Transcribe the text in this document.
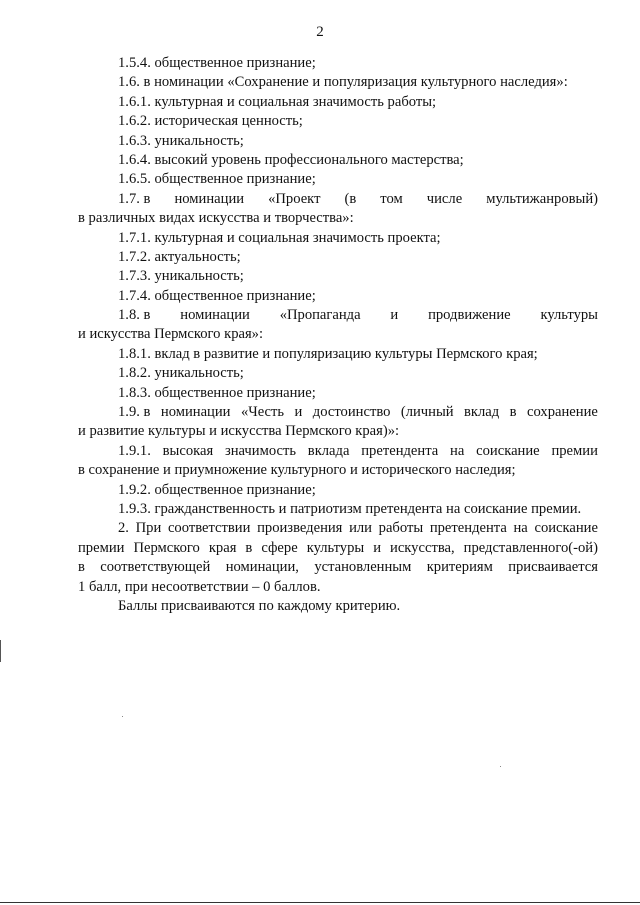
2
1.5.4. общественное признание;
1.6. в номинации «Сохранение и популяризация культурного наследия»:
1.6.1. культурная и социальная значимость работы;
1.6.2. историческая ценность;
1.6.3. уникальность;
1.6.4. высокий уровень профессионального мастерства;
1.6.5. общественное признание;
1.7. в номинации «Проект (в том числе мультижанровый)
в различных видах искусства и творчества»:
1.7.1. культурная и социальная значимость проекта;
1.7.2. актуальность;
1.7.3. уникальность;
1.7.4. общественное признание;
1.8. в номинации «Пропаганда и продвижение культуры
и искусства Пермского края»:
1.8.1. вклад в развитие и популяризацию культуры Пермского края;
1.8.2. уникальность;
1.8.3. общественное признание;
1.9. в номинации «Честь и достоинство (личный вклад в сохранение
и развитие культуры и искусства Пермского края)»:
1.9.1. высокая значимость вклада претендента на соискание премии
в сохранение и приумножение культурного и исторического наследия;
1.9.2. общественное признание;
1.9.3. гражданственность и патриотизм претендента на соискание премии.
2. При соответствии произведения или работы претендента на соискание
премии Пермского края в сфере культуры и искусства, представленного(-ой)
в соответствующей номинации, установленным критериям присваивается
1 балл, при несоответствии – 0 баллов.
Баллы присваиваются по каждому критерию.
